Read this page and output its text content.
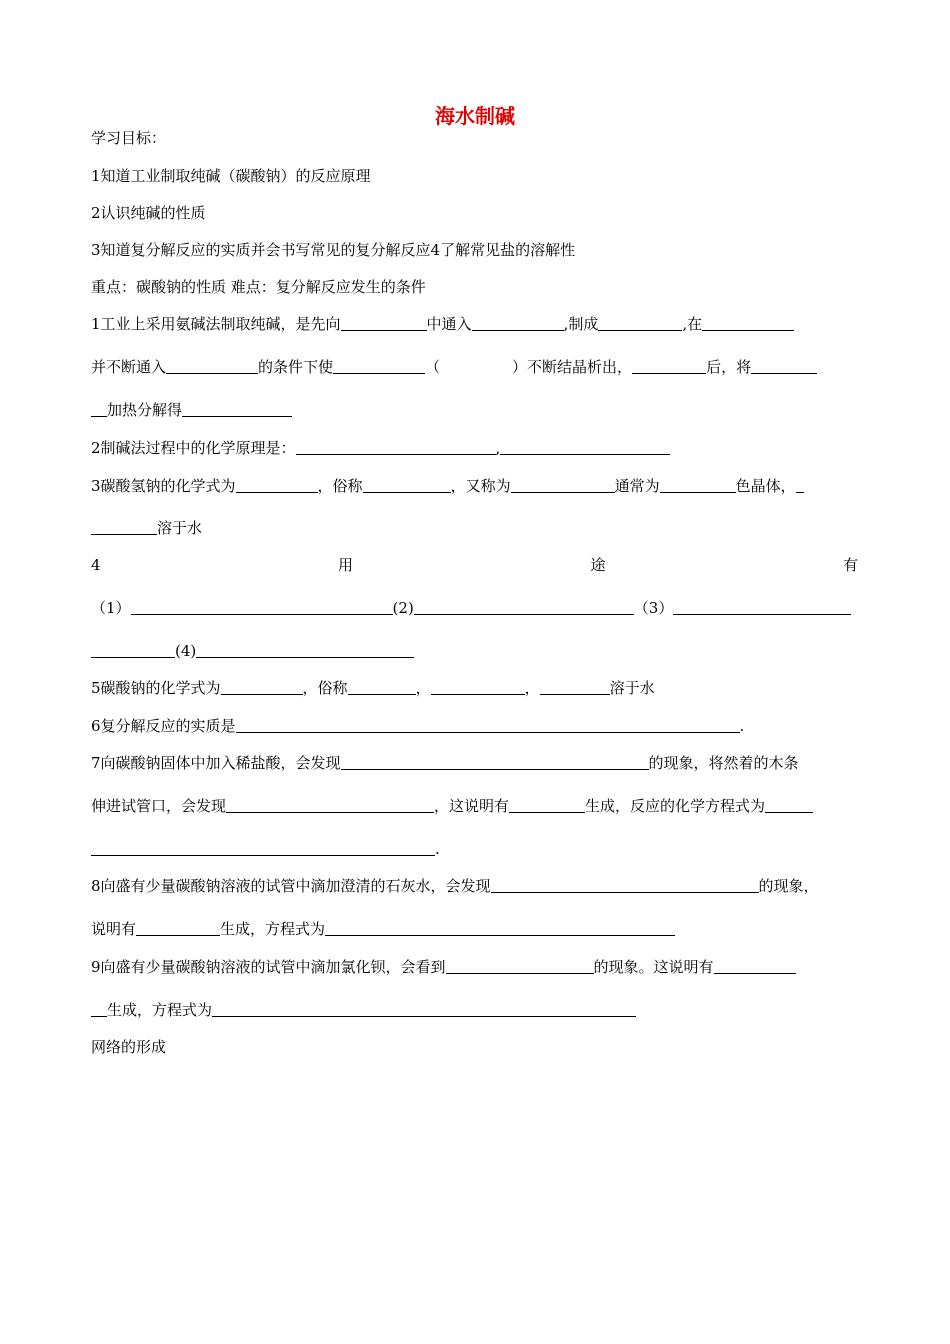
海水制碱
学习目标：
1知道工业制取纯碱（碳酸钠）的反应原理
2认识纯碱的性质
3知道复分解反应的实质并会书写常见的复分解反应4了解常见盐的溶解性
重点：碳酸钠的性质 难点：复分解反应发生的条件
1工业上采用氨碱法制取纯碱，是先向	中通入	,制成	,在
并不断通入	的条件下使	（	）不断结晶析出，	后，将
加热分解得
2制碱法过程中的化学原理是：	,
3碳酸氢钠的化学式为	，俗称	，又称为	通常为	色晶体，
溶于水
4	用	途	有
（1）	(2)	（3）
(4)
5碳酸钠的化学式为	，俗称	，	，	溶于水
6复分解反应的实质是	.
7向碳酸钠固体中加入稀盐酸，会发现	的现象，将然着的木条
伸进试管口，会发现	，这说明有	生成，反应的化学方程式为
.
8向盛有少量碳酸钠溶液的试管中滴加澄清的石灰水，会发现	的现象，
说明有	生成，方程式为
9向盛有少量碳酸钠溶液的试管中滴加氯化钡，会看到	的现象。这说明有
生成，方程式为
网络的形成
